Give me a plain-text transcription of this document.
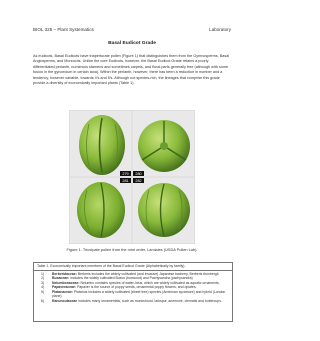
BIOL 325 – Plant Systematics	Laboratory
Basal Eudicot Grade

As eudicots, Basal Eudicots have triaperturate pollen (Figure 1) that distinguishes them from the Gymnosperms, Basal Angiosperms, and Monocots. Unlike the core Eudicots, however, the Basal Eudicot Grade retains a poorly differentiated perianth, numerous stamens and sometimes carpels, and floral parts generally free (although with some fusion in the gynoecium in certain taxa). Within the perianth, however, there has been a reduction in number and a tendency, however variable, towards 4’s and 5’s. Although not species-rich, the lineages that comprise this grade provide a diversity of economically important plants (Table 1).

279 280
281 282
Figure 1. Tricolpate pollen from the mint order, Lamiales (USDA Pollen Lab).
Table 1. Economically important members of the Basal Eudicot Grade (Alphabetically by family).
1) Berberidaceae: Berberis includes the widely cultivated (and invasive) Japanese barberry, Berberis thunbergii.
2) Buxaceae: includes the widely cultivated Buxus (boxwood) and Pachysandra (pachysandra)
3) Nelumbonaceae: Nelumbo contains species of water-lotus, which are widely cultivated as aquatic ornaments.
4) Papaveraceae: Papaver is the source of poppy seeds, ornamental poppy flowers, and opiates.
5) Platanaceae: Platanus includes a widely cultivated (street tree) species (American sycamore) and hybrid (London plane).
6) Ranunculaceae includes many ornamentals, such as monkshood, larkspur, anemone, clematis and buttercups.
